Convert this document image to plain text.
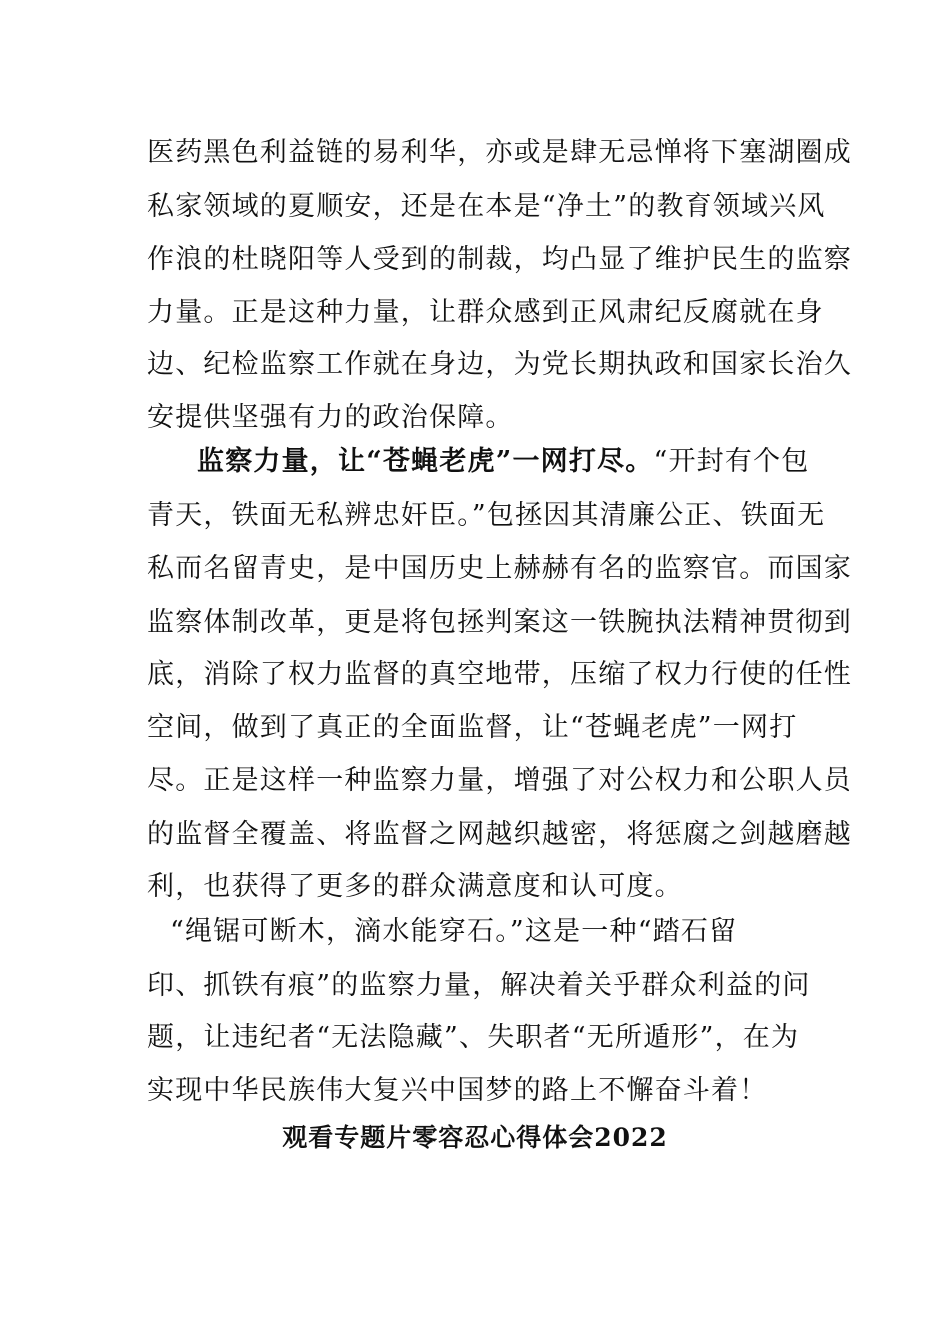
医药黑色利益链的易利华，亦或是肆无忌惮将下塞湖圈成
私家领域的夏顺安，还是在本是“净土”的教育领域兴风
作浪的杜晓阳等人受到的制裁，均凸显了维护民生的监察
力量。正是这种力量，让群众感到正风肃纪反腐就在身
边、纪检监察工作就在身边，为党长期执政和国家长治久
安提供坚强有力的政治保障。
监察力量，让“苍蝇老虎”一网打尽。“开封有个包
青天，铁面无私辨忠奸臣。”包拯因其清廉公正、铁面无
私而名留青史，是中国历史上赫赫有名的监察官。而国家
监察体制改革，更是将包拯判案这一铁腕执法精神贯彻到
底，消除了权力监督的真空地带，压缩了权力行使的任性
空间，做到了真正的全面监督，让“苍蝇老虎”一网打
尽。正是这样一种监察力量，增强了对公权力和公职人员
的监督全覆盖、将监督之网越织越密，将惩腐之剑越磨越
利，也获得了更多的群众满意度和认可度。
“绳锯可断木，滴水能穿石。”这是一种“踏石留
印、抓铁有痕”的监察力量，解决着关乎群众利益的问
题，让违纪者“无法隐藏”、失职者“无所遁形”，在为
实现中华民族伟大复兴中国梦的路上不懈奋斗着！
观看专题片零容忍心得体会2022
